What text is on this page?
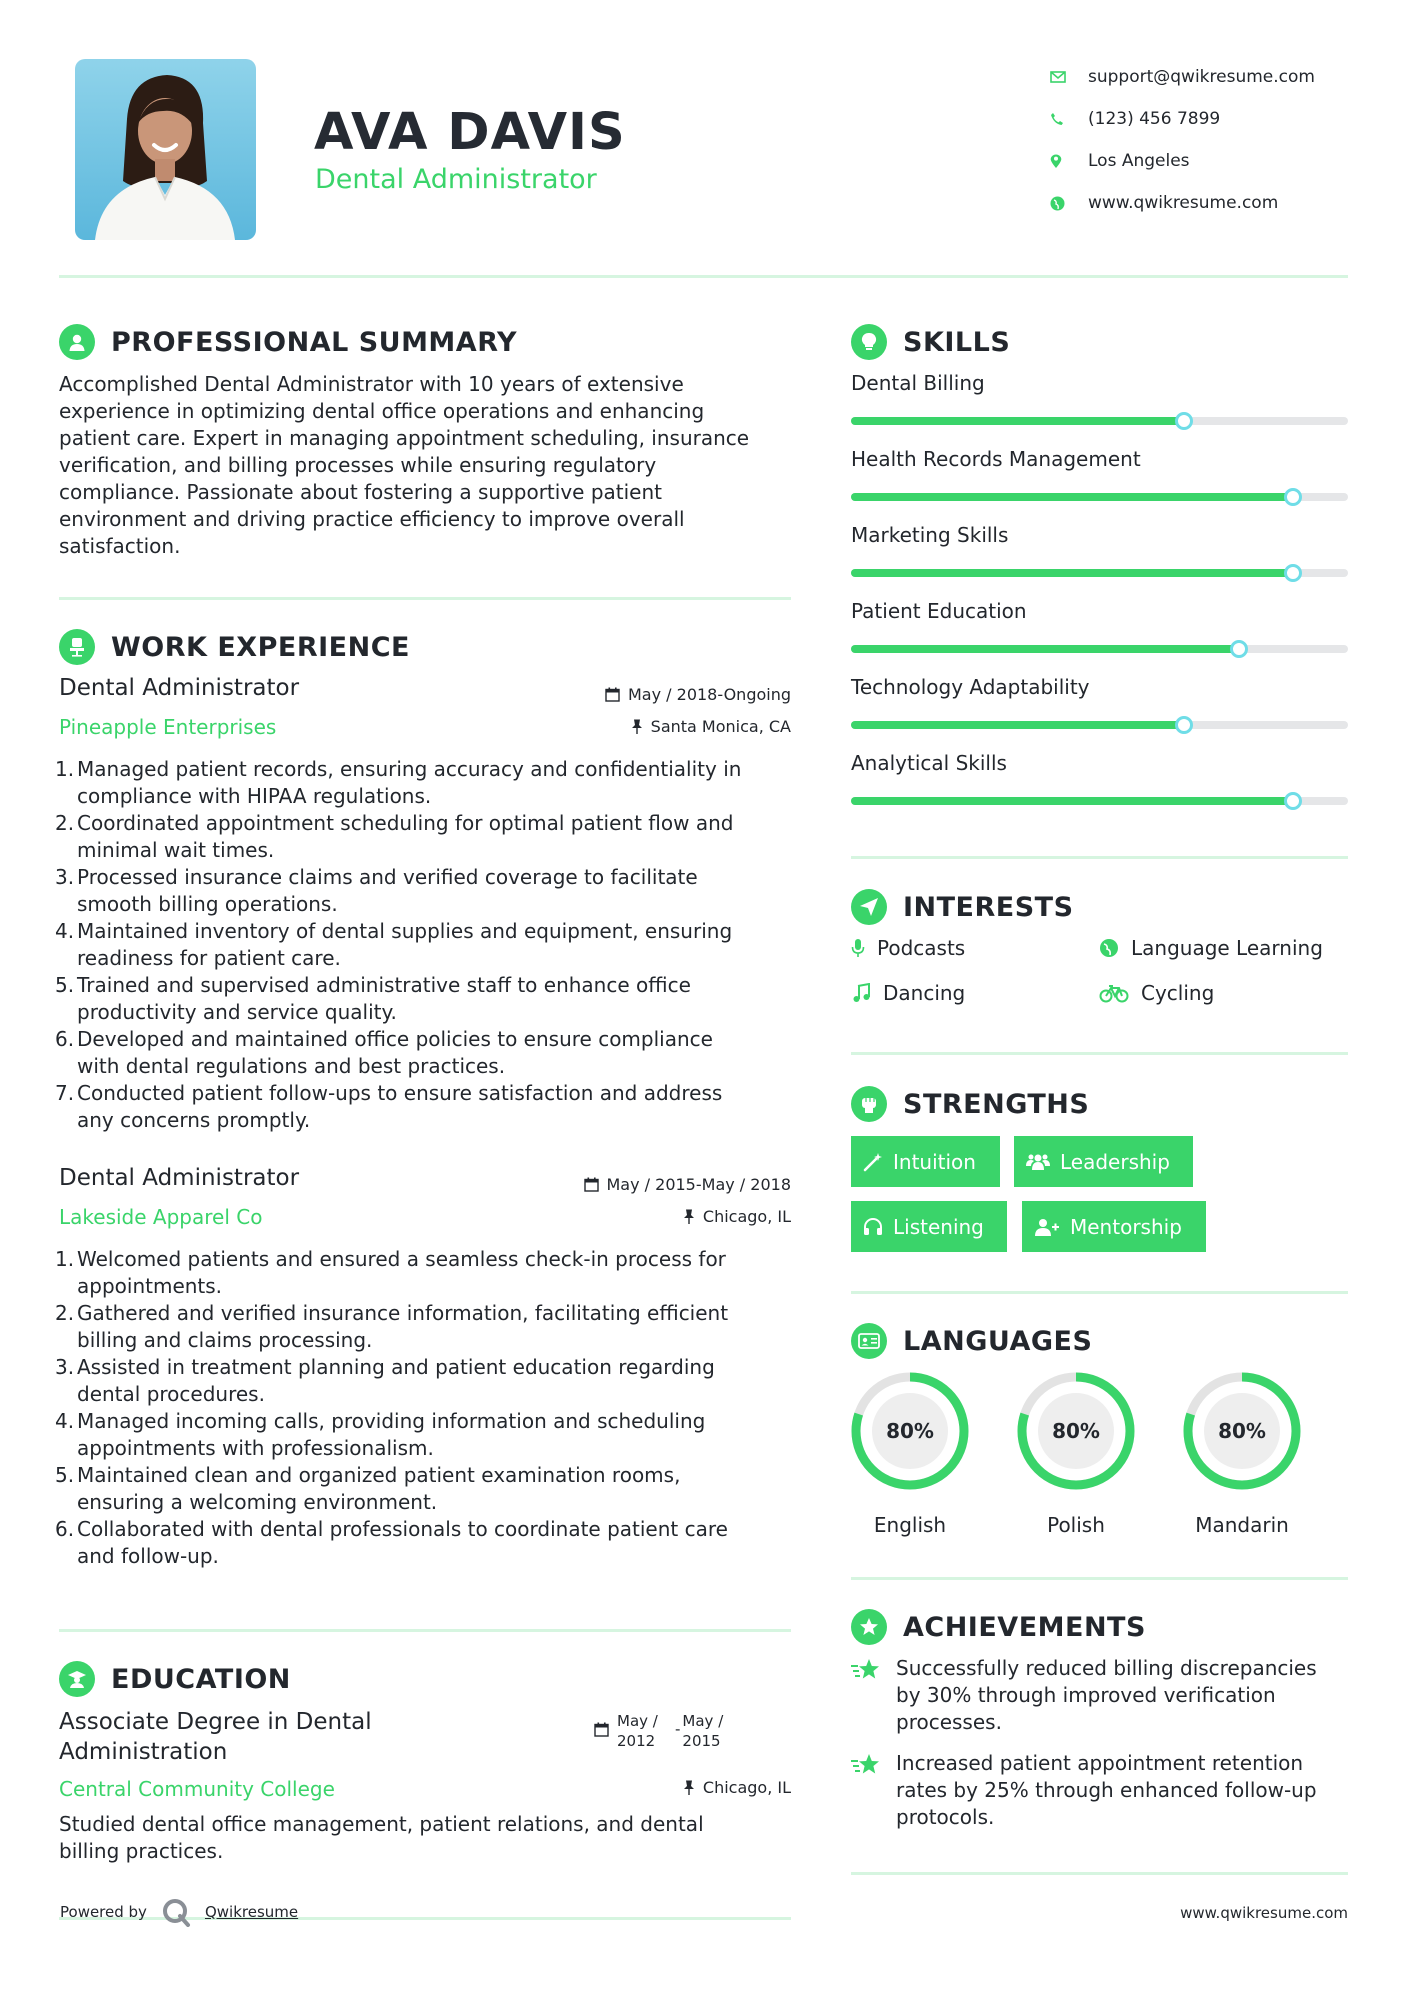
AVA DAVIS
Dental Administrator
support@qwikresume.com
(123) 456 7899
Los Angeles
www.qwikresume.com
PROFESSIONAL SUMMARY
Accomplished Dental Administrator with 10 years of extensive
experience in optimizing dental office operations and enhancing
patient care. Expert in managing appointment scheduling, insurance
verification, and billing processes while ensuring regulatory
compliance. Passionate about fostering a supportive patient
environment and driving practice efficiency to improve overall
satisfaction.
WORK EXPERIENCE
Dental Administrator
Pineapple Enterprises
May / 2018-Ongoing
Santa Monica, CA
Managed patient records, ensuring accuracy and confidentiality in
compliance with HIPAA regulations.
Coordinated appointment scheduling for optimal patient flow and
minimal wait times.
Processed insurance claims and verified coverage to facilitate
smooth billing operations.
Maintained inventory of dental supplies and equipment, ensuring
readiness for patient care.
Trained and supervised administrative staff to enhance office
productivity and service quality.
Developed and maintained office policies to ensure compliance
with dental regulations and best practices.
Conducted patient follow-ups to ensure satisfaction and address
any concerns promptly.
Dental Administrator
Lakeside Apparel Co
May / 2015-May / 2018
Chicago, IL
Welcomed patients and ensured a seamless check-in process for
appointments.
Gathered and verified insurance information, facilitating efficient
billing and claims processing.
Assisted in treatment planning and patient education regarding
dental procedures.
Managed incoming calls, providing information and scheduling
appointments with professionalism.
Maintained clean and organized patient examination rooms,
ensuring a welcoming environment.
Collaborated with dental professionals to coordinate patient care
and follow-up.
EDUCATION
Associate Degree in Dental
Administration
Central Community College
May /
2012
- May /
2015
Chicago, IL
Studied dental office management, patient relations, and dental
billing practices.
Powered by	Qwikresume	www.qwikresume.com
SKILLS
Dental Billing
Health Records Management
Marketing Skills
Patient Education
Technology Adaptability
Analytical Skills
INTERESTS
Podcasts	Language Learning
Dancing	Cycling
STRENGTHS
Intuition	Leadership
Listening	Mentorship
LANGUAGES
80%
English
80%
Polish
80%
Mandarin
ACHIEVEMENTS
Successfully reduced billing discrepancies
by 30% through improved verification
processes.
Increased patient appointment retention
rates by 25% through enhanced follow-up
protocols.
